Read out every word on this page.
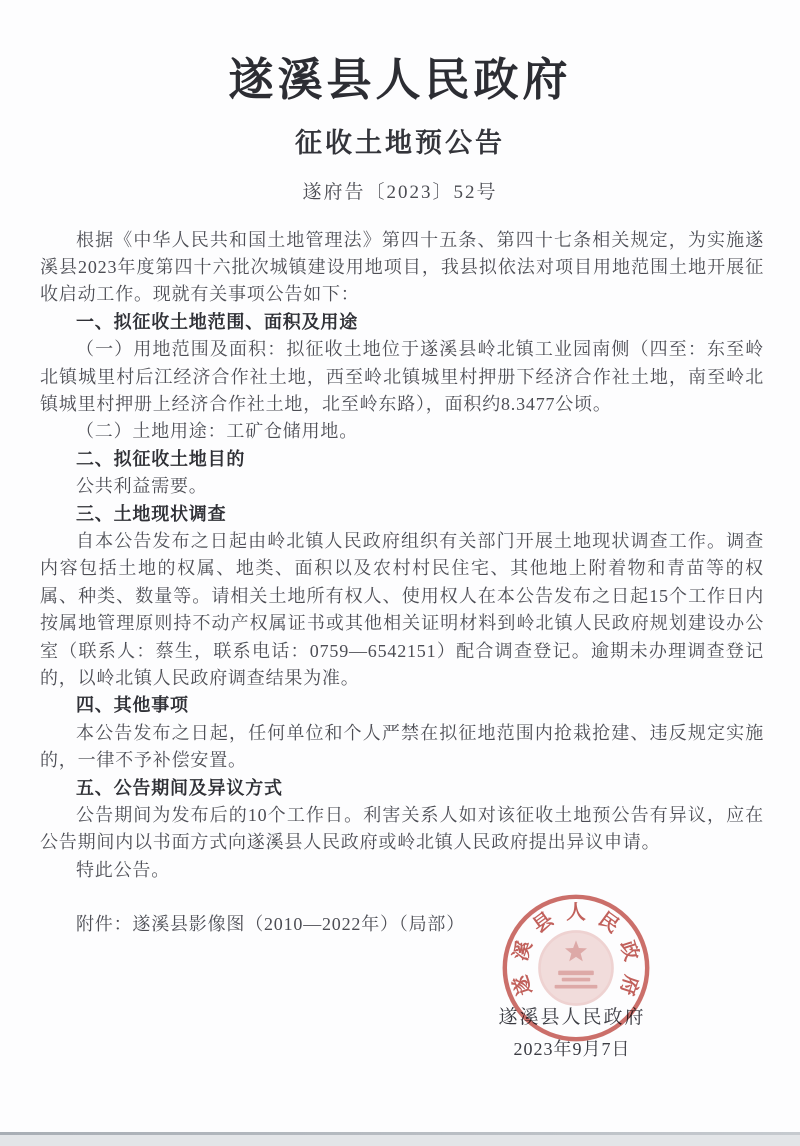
遂溪县人民政府
征收土地预公告
遂府告〔2023〕52号

根据《中华人民共和国土地管理法》第四十五条、第四十七条相关规定，为实施遂溪县2023年度第四十六批次城镇建设用地项目，我县拟依法对项目用地范围土地开展征收启动工作。现就有关事项公告如下：

一、拟征收土地范围、面积及用途

（一）用地范围及面积：拟征收土地位于遂溪县岭北镇工业园南侧（四至：东至岭北镇城里村后江经济合作社土地，西至岭北镇城里村押册下经济合作社土地，南至岭北镇城里村押册上经济合作社土地，北至岭东路），面积约8.3477公顷。

（二）土地用途：工矿仓储用地。

二、拟征收土地目的

公共利益需要。

三、土地现状调查

自本公告发布之日起由岭北镇人民政府组织有关部门开展土地现状调查工作。调查内容包括土地的权属、地类、面积以及农村村民住宅、其他地上附着物和青苗等的权属、种类、数量等。请相关土地所有权人、使用权人在本公告发布之日起15个工作日内按属地管理原则持不动产权属证书或其他相关证明材料到岭北镇人民政府规划建设办公室（联系人：蔡生，联系电话：0759—6542151）配合调查登记。逾期未办理调查登记的，以岭北镇人民政府调查结果为准。

四、其他事项

本公告发布之日起，任何单位和个人严禁在拟征地范围内抢栽抢建、违反规定实施的，一律不予补偿安置。

五、公告期间及异议方式

公告期间为发布后的10个工作日。利害关系人如对该征收土地预公告有异议，应在公告期间内以书面方式向遂溪县人民政府或岭北镇人民政府提出异议申请。

特此公告。

附件：遂溪县影像图（2010—2022年）（局部）

遂溪县人民政府
2023年9月7日
遂
溪
县 人 民
政
府
